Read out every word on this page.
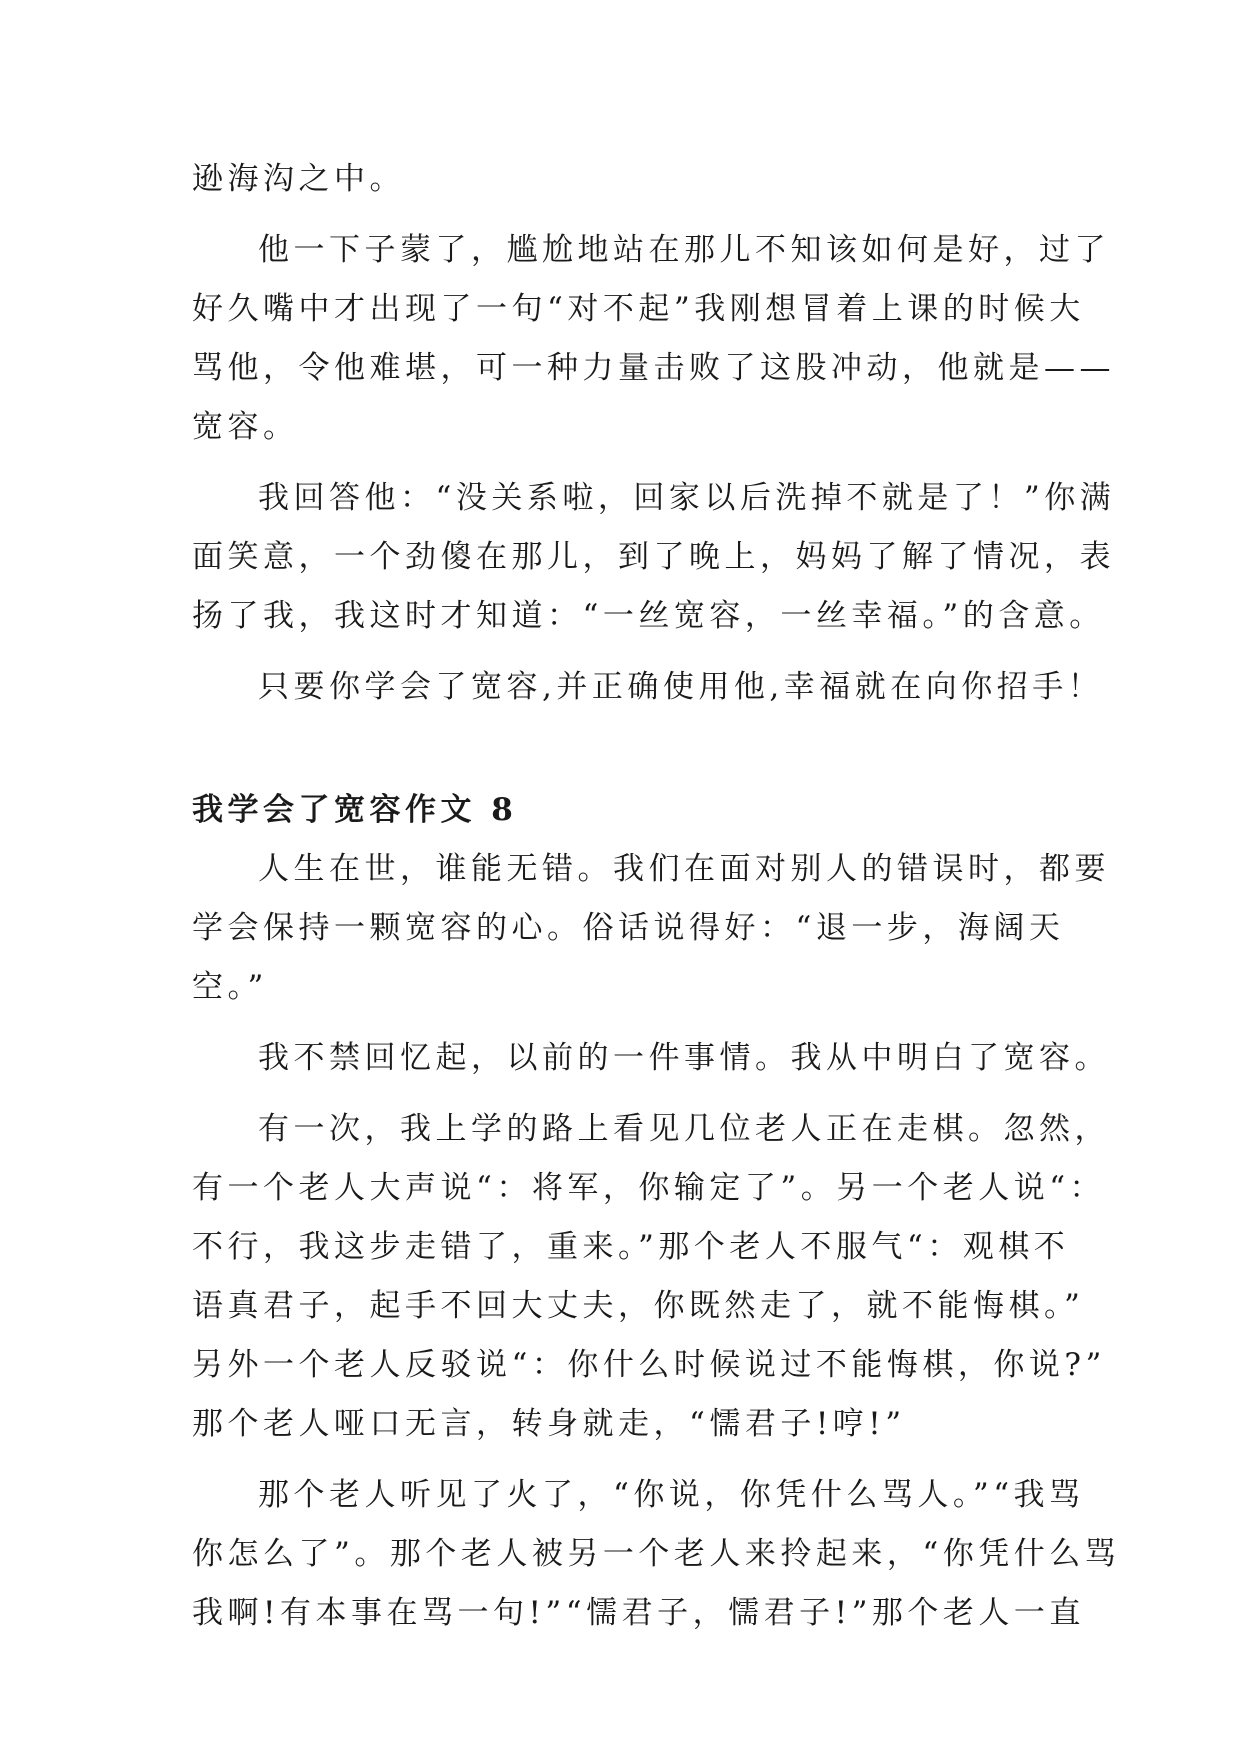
逊海沟之中。

他一下子蒙了，尴尬地站在那儿不知该如何是好，过了
好久嘴中才出现了一句“对不起”我刚想冒着上课的时候大
骂他，令他难堪，可一种力量击败了这股冲动，他就是——
宽容。

我回答他：“没关系啦，回家以后洗掉不就是了！”你满
面笑意，一个劲傻在那儿，到了晚上，妈妈了解了情况，表
扬了我，我这时才知道：“一丝宽容，一丝幸福。”的含意。

只要你学会了宽容,并正确使用他,幸福就在向你招手！

我学会了宽容作文 8

人生在世，谁能无错。我们在面对别人的错误时，都要
学会保持一颗宽容的心。俗话说得好：“退一步，海阔天
空。”

我不禁回忆起，以前的一件事情。我从中明白了宽容。

有一次，我上学的路上看见几位老人正在走棋。忽然，
有一个老人大声说“：将军，你输定了”。另一个老人说“：
不行，我这步走错了，重来。”那个老人不服气“：观棋不
语真君子，起手不回大丈夫，你既然走了，就不能悔棋。”
另外一个老人反驳说“：你什么时候说过不能悔棋，你说?”
那个老人哑口无言，转身就走，“懦君子!哼!”

那个老人听见了火了，“你说，你凭什么骂人。”“我骂
你怎么了”。那个老人被另一个老人来拎起来，“你凭什么骂
我啊!有本事在骂一句!”“懦君子，懦君子!”那个老人一直
